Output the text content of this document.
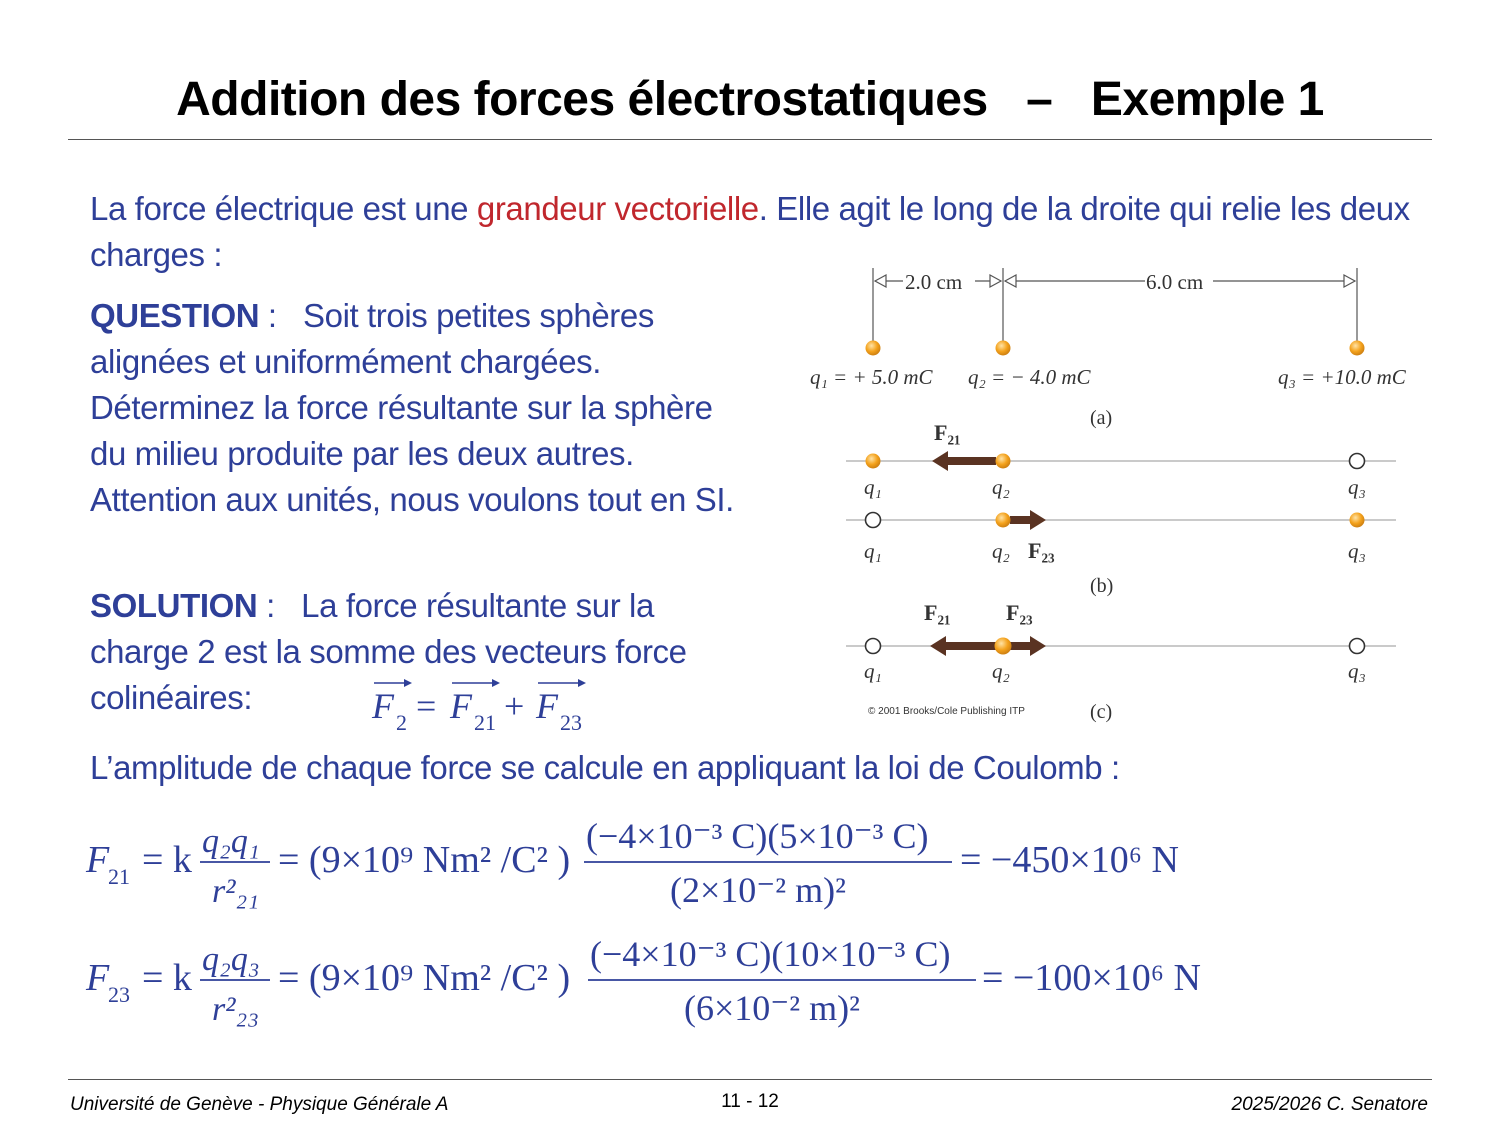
Addition des forces électrostatiques   –   Exemple 1
La force électrique est une grandeur vectorielle. Elle agit le long de la droite qui relie les deux
charges :
QUESTION :   Soit trois petites sphères
alignées et uniformément chargées.
Déterminez la force résultante sur la sphère
du milieu produite par les deux autres.
Attention aux unités, nous voulons tout en SI.
SOLUTION :   La force résultante sur la
charge 2 est la somme des vecteurs force
colinéaires:	F 2 = F 21 + F 23
L’amplitude de chaque force se calcule en appliquant la loi de Coulomb :
F
21 = k q₂q₁
r²₂₁
= (9×10⁹ Nm² /C² )
(−4×10⁻³ C)(5×10⁻³ C)
(2×10⁻² m)²
= −450×10⁶ N
F
23 = k q₂q₃
r²₂₃
= (9×10⁹ Nm² /C² )
(−4×10⁻³ C)(10×10⁻³ C)
(6×10⁻² m)²
= −100×10⁶ N
2.0 cm	6.0 cm
q₁ = + 5.0 mC q₂ = − 4.0 mC	q₃ = +10.0 mC
(a)
F₂₁
q₁	q₂	q₃
q₁	q₂ F₂₃	q₃
(b)
F₂₁	F₂₃
q₁	q₂	q₃
© 2001 Brooks/Cole Publishing ITP	(c)
Université de Genève - Physique Générale A	11 - 12	2025/2026 C. Senatore
